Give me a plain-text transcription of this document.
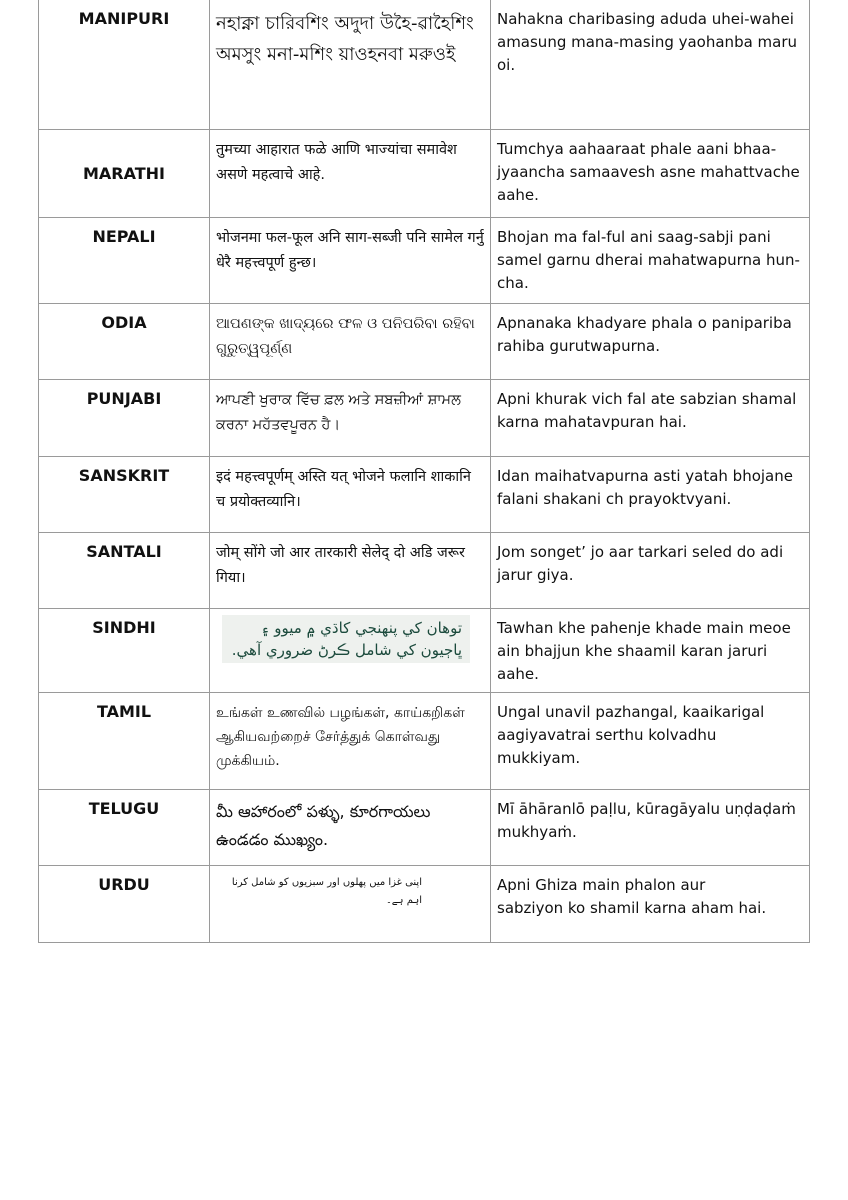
MANIPURI	নহাক্না চারিবশিং অদুদা উহৈ-ৱাহৈশিং অমসুং মনা-মশিং য়াওহনবা মরুওই	Nahakna charibasing aduda uhei-wahei amasung mana-masing yaohanba maru oi.
MARATHI	तुमच्या आहारात फळे आणि भाज्यांचा समावेश असणे महत्वाचे आहे.	Tumchya aahaaraat phale aani bhaa-jyaancha samaavesh asne mahattvache aahe.
NEPALI	भोजनमा फल-फूल अनि साग-सब्जी पनि सामेल गर्नु धेरै महत्त्वपूर्ण हुन्छ।	Bhojan ma fal-ful ani saag-sabji pani samel garnu dherai mahatwapurna hun-cha.
ODIA	ଆପଣଙ୍କ ଖାଦ୍ୟରେ ଫଳ ଓ ପନିପରିବା ରହିବା ଗୁରୁତ୍ୱପୂର୍ଣ୍ଣ	Apnanaka khadyare phala o panipariba rahiba gurutwapurna.
PUNJABI	ਆਪਣੀ ਖੁਰਾਕ ਵਿੱਚ ਫ਼ਲ ਅਤੇ ਸਬਜ਼ੀਆਂ ਸ਼ਾਮਲ ਕਰਨਾ ਮਹੱਤਵਪੂਰਨ ਹੈ।	Apni khurak vich fal ate sabzian shamal karna mahatavpuran hai.
SANSKRIT	इदं महत्त्वपूर्णम् अस्ति यत् भोजने फलानि शाकानि च प्रयोक्तव्यानि।	Idan maihatvapurna asti yatah bhojane falani shakani ch prayoktvyani.
SANTALI	जोम् सोंगे जो आर तारकारी सेलेद् दो अडि जरूर गिया।	Jom songet’ jo aar tarkari seled do adi jarur giya.
SINDHI	توهان کي پنهنجي کاڌي ۾ ميوو ۽ ڀاڄيون کي شامل ڪرڻ ضروري آهي.	Tawhan khe pahenje khade main meoe ain bhajjun khe shaamil karan jaruri aahe.
TAMIL	உங்கள் உணவில் பழங்கள், காய்கறிகள் ஆகியவற்றைச் சேர்த்துக் கொள்வது முக்கியம்.	Ungal unavil pazhangal, kaaikarigal aagiyavatrai serthu kolvadhu mukkiyam.
TELUGU	మీ ఆహారంలో పళ్ళు, కూరగాయలు ఉండడం ముఖ్యం.	Mī āhāranlō paḷlu, kūragāyalu uṇḍaḍaṁ mukhyaṁ.
URDU	اپنی غزا میں پھلوں اور سبزیوں کو شامل کرنا اہم ہے۔	Apni Ghiza main phalon aur
sabziyon ko shamil karna aham hai.
